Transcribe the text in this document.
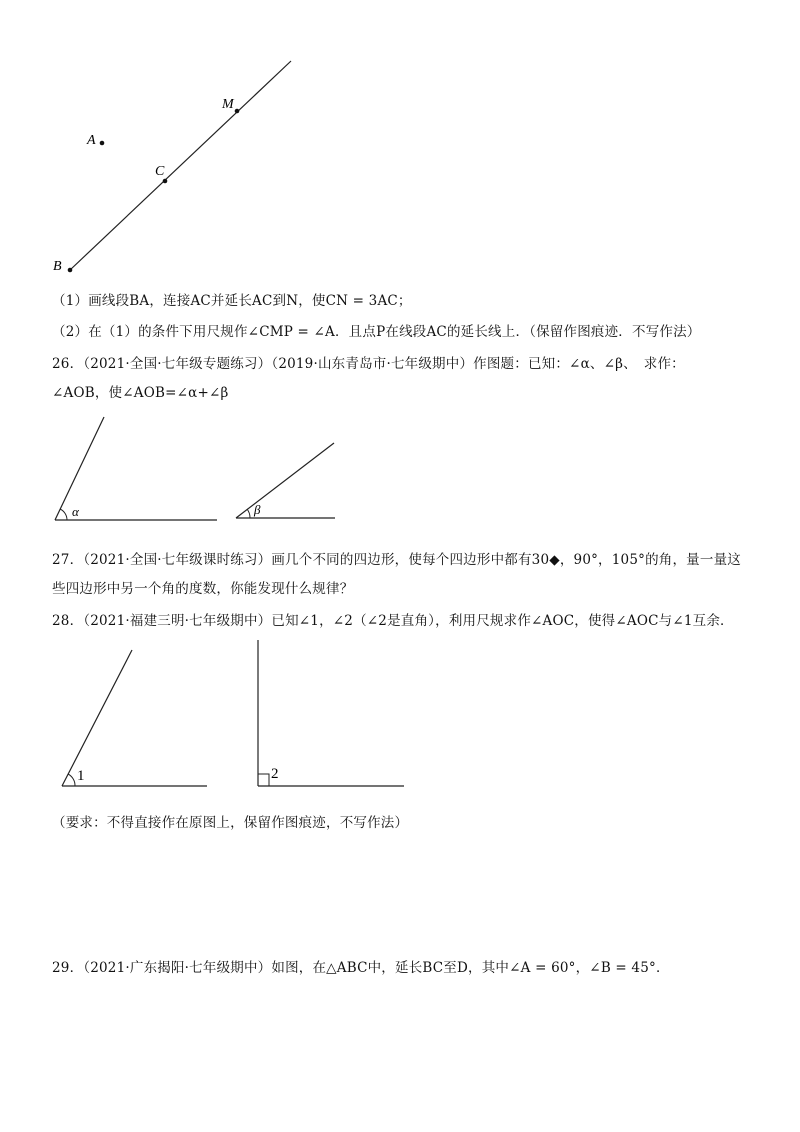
M
C
A
B
α	β
1	2
（1）画线段BA，连接AC并延长AC到N，使CN = 3AC；
（2）在（1）的条件下用尺规作∠CMP = ∠A．且点P在线段AC的延长线上．（保留作图痕迹．不写作法）
26．（2021·全国·七年级专题练习）（2019·山东青岛市·七年级期中）作图题：已知：∠α、∠β、　求作：
∠AOB，使∠AOB=∠α+∠β
27．（2021·全国·七年级课时练习）画几个不同的四边形，使每个四边形中都有30◆，90°，105°的角，量一量这
些四边形中另一个角的度数，你能发现什么规律？
28．（2021·福建三明·七年级期中）已知∠1，∠2（∠2是直角），利用尺规求作∠AOC，使得∠AOC与∠1互余．
（要求：不得直接作在原图上，保留作图痕迹，不写作法）
29．（2021·广东揭阳·七年级期中）如图，在△ABC中，延长BC至D，其中∠A = 60°，∠B = 45°．
